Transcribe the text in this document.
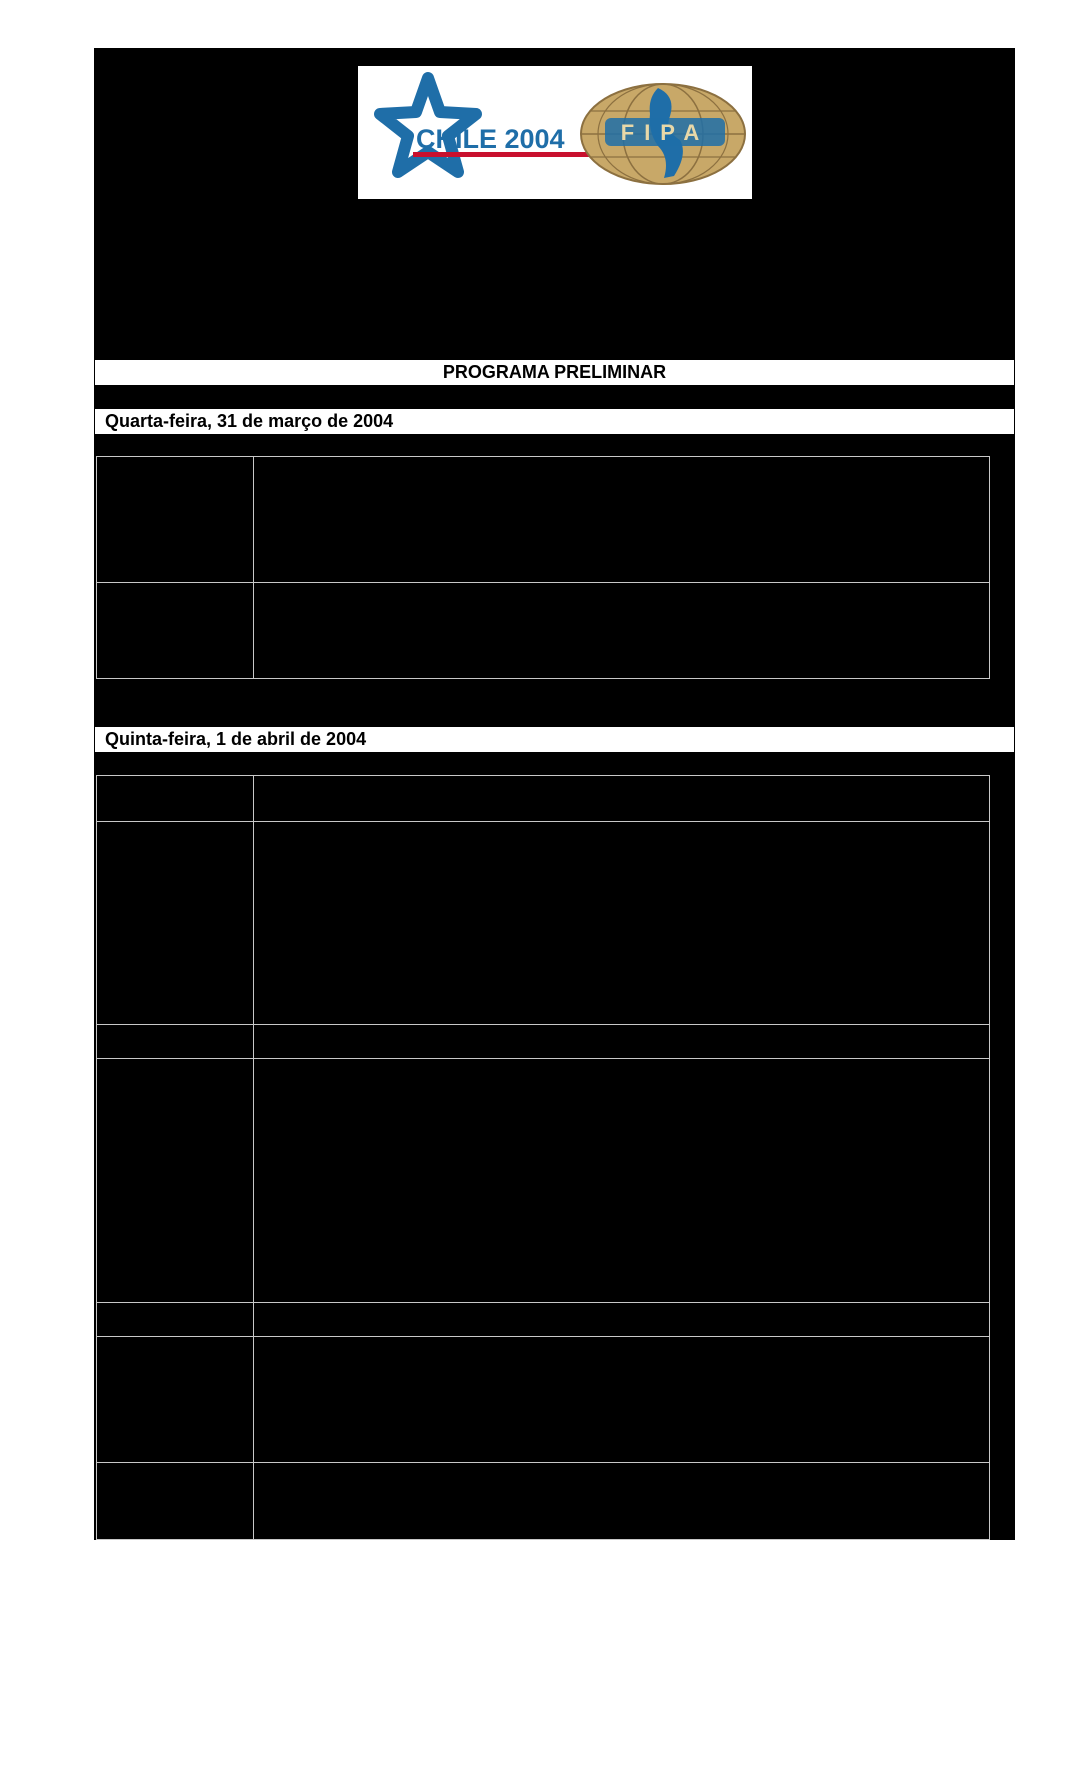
CHILE 2004	FIPA
PROGRAMA PRELIMINAR
Quarta-feira, 31 de março de 2004

Quinta-feira, 1 de abril de 2004
